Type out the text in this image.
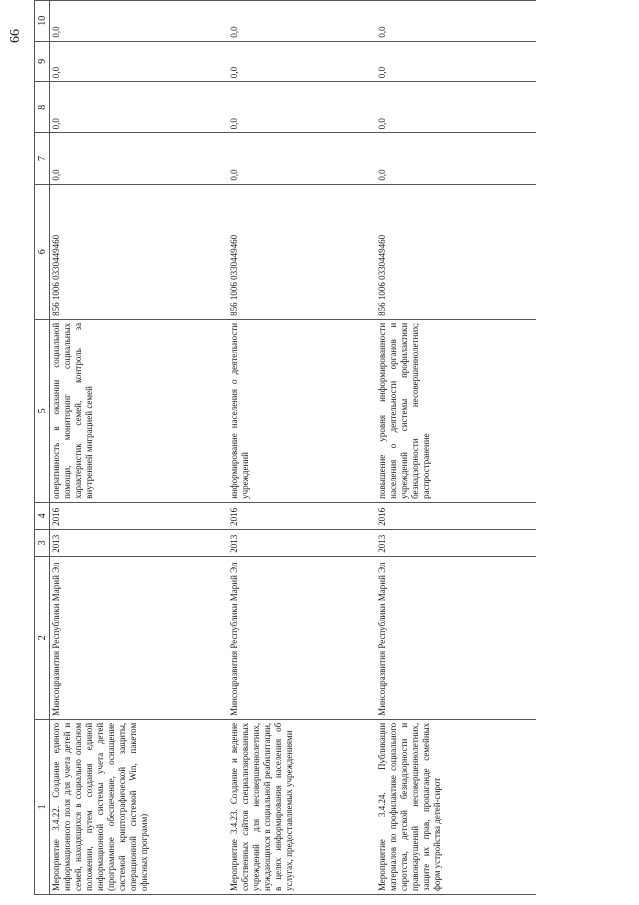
66
1	2	3	4	5	6	7	8	9	10
Мероприятие 3.4.22. Создание единого информационного поля для учета детей и семей, находящихся в социально опасном положении, путем создания единой информационной системы учета детей (программное обеспечение, оснащение системой криптографической защиты, операционной системой Win, пакетом офисных программ)	Минсоцразвития Республики Марий Эл	2013	2016	оперативность в оказании социальной помощи, мониторинг социальных характеристик семей, контроль за внутренней миграцией семей	856 1006 0330449460	0,0	0,0	0,0	0,0
Мероприятие 3.4.23. Создание и ведение собственных сайтов специализированных учреждений для несовершеннолетних, нуждающихся в социальной реабилитации, в целях информирования населения об услугах, предоставляемых учреждениями	Минсоцразвития Республики Марий Эл	2013	2016	информирование населения о деятельности учреждений	856 1006 0330449460	0,0	0,0	0,0	0,0
Мероприятие 3.4.24. Публикации материалов по профилактике социального сиротства, детской безнадзорности и правонарушений несовершеннолетних, защите их прав, пропаганде семейных форм устройства детей-сирот	Минсоцразвития Республики Марий Эл	2013	2016	повышение уровня информированности населения о деятельности органов и учреждений системы профилактики безнадзорности несовершеннолетних; распространение	856 1006 0330449460	0,0	0,0	0,0	0,0
